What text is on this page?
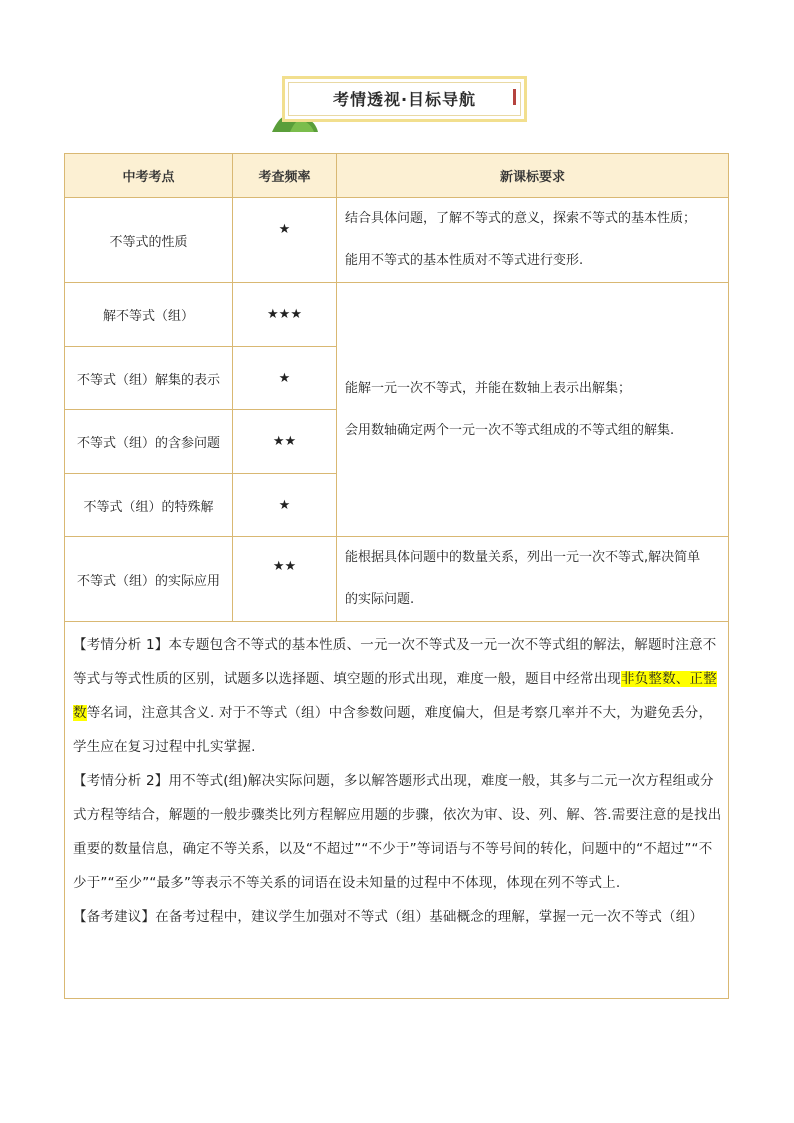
考情透视·目标导航
中考考点	考查频率	新课标要求
不等式的性质	★	结合具体问题，了解不等式的意义，探索不等式的基本性质；
能用不等式的基本性质对不等式进行变形.

解不等式（组）	★★★	能解一元一次不等式，并能在数轴上表示出解集；
会用数轴确定两个一元一次不等式组成的不等式组的解集.

不等式（组）解集的表示	★	
不等式（组）的含参问题	★★	
不等式（组）的特殊解	★	
不等式（组）的实际应用	★★	能根据具体问题中的数量关系，列出一元一次不等式,解决简单
的实际问题.

【考情分析 1】本专题包含不等式的基本性质、一元一次不等式及一元一次不等式组的解法，解题时注意不等式与等式性质的区别，试题多以选择题、填空题的形式出现，难度一般，题目中经常出现非负整数、正整数等名词，注意其含义. 对于不等式（组）中含参数问题，难度偏大，但是考察几率并不大，为避免丢分，学生应在复习过程中扎实掌握.

【考情分析 2】用不等式(组)解决实际问题，多以解答题形式出现，难度一般，其多与二元一次方程组或分式方程等结合，解题的一般步骤类比列方程解应用题的步骤，依次为审、设、列、解、答.需要注意的是找出重要的数量信息，确定不等关系，以及“不超过”“不少于”等词语与不等号间的转化，问题中的“不超过”“不少于”“至少”“最多”等表示不等关系的词语在设未知量的过程中不体现，体现在列不等式上.

【备考建议】在备考过程中，建议学生加强对不等式（组）基础概念的理解，掌握一元一次不等式（组）		
